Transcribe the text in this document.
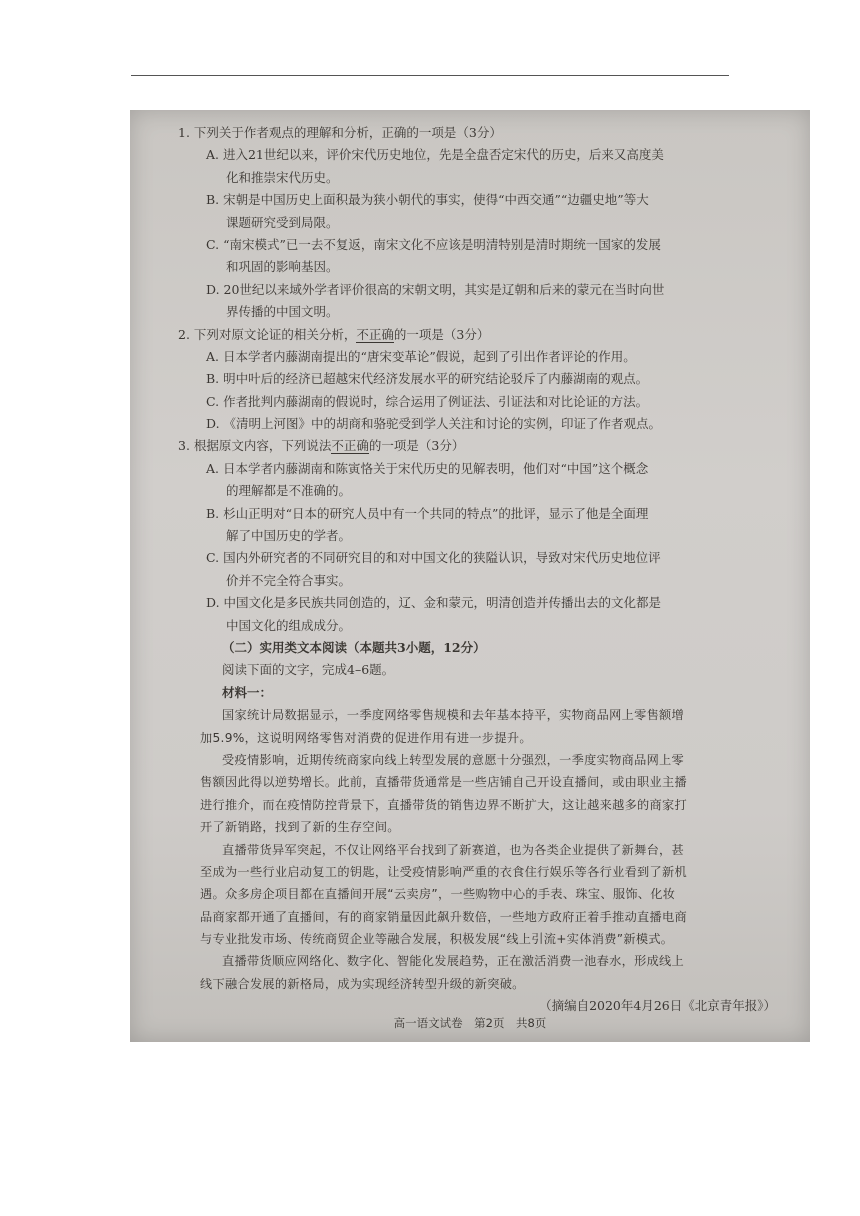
1. 下列关于作者观点的理解和分析，正确的一项是（3分）
A. 进入21世纪以来，评价宋代历史地位，先是全盘否定宋代的历史，后来又高度美
化和推崇宋代历史。
B. 宋朝是中国历史上面积最为狭小朝代的事实，使得“中西交通”“边疆史地”等大
课题研究受到局限。
C. “南宋模式”已一去不复返，南宋文化不应该是明清特别是清时期统一国家的发展
和巩固的影响基因。
D. 20世纪以来域外学者评价很高的宋朝文明，其实是辽朝和后来的蒙元在当时向世
界传播的中国文明。
2. 下列对原文论证的相关分析，不正确的一项是（3分）
A. 日本学者内藤湖南提出的“唐宋变革论”假说，起到了引出作者评论的作用。
B. 明中叶后的经济已超越宋代经济发展水平的研究结论驳斥了内藤湖南的观点。
C. 作者批判内藤湖南的假说时，综合运用了例证法、引证法和对比论证的方法。
D. 《清明上河图》中的胡商和骆驼受到学人关注和讨论的实例，印证了作者观点。
3. 根据原文内容，下列说法不正确的一项是（3分）
A. 日本学者内藤湖南和陈寅恪关于宋代历史的见解表明，他们对“中国”这个概念
的理解都是不准确的。
B. 杉山正明对“日本的研究人员中有一个共同的特点”的批评，显示了他是全面理
解了中国历史的学者。
C. 国内外研究者的不同研究目的和对中国文化的狭隘认识，导致对宋代历史地位评
价并不完全符合事实。
D. 中国文化是多民族共同创造的，辽、金和蒙元，明清创造并传播出去的文化都是
中国文化的组成成分。
（二）实用类文本阅读（本题共3小题，12分）
阅读下面的文字，完成4–6题。
材料一：
国家统计局数据显示，一季度网络零售规模和去年基本持平，实物商品网上零售额增
加5.9%，这说明网络零售对消费的促进作用有进一步提升。
受疫情影响，近期传统商家向线上转型发展的意愿十分强烈，一季度实物商品网上零
售额因此得以逆势增长。此前，直播带货通常是一些店铺自己开设直播间，或由职业主播
进行推介，而在疫情防控背景下，直播带货的销售边界不断扩大，这让越来越多的商家打
开了新销路，找到了新的生存空间。
直播带货异军突起，不仅让网络平台找到了新赛道，也为各类企业提供了新舞台，甚
至成为一些行业启动复工的钥匙，让受疫情影响严重的衣食住行娱乐等各行业看到了新机
遇。众多房企项目都在直播间开展“云卖房”，一些购物中心的手表、珠宝、服饰、化妆
品商家都开通了直播间，有的商家销量因此飙升数倍，一些地方政府正着手推动直播电商
与专业批发市场、传统商贸企业等融合发展，积极发展“线上引流+实体消费”新模式。
直播带货顺应网络化、数字化、智能化发展趋势，正在激活消费一池春水，形成线上
线下融合发展的新格局，成为实现经济转型升级的新突破。
（摘编自2020年4月26日《北京青年报》）
高一语文试卷　第2页　共8页
